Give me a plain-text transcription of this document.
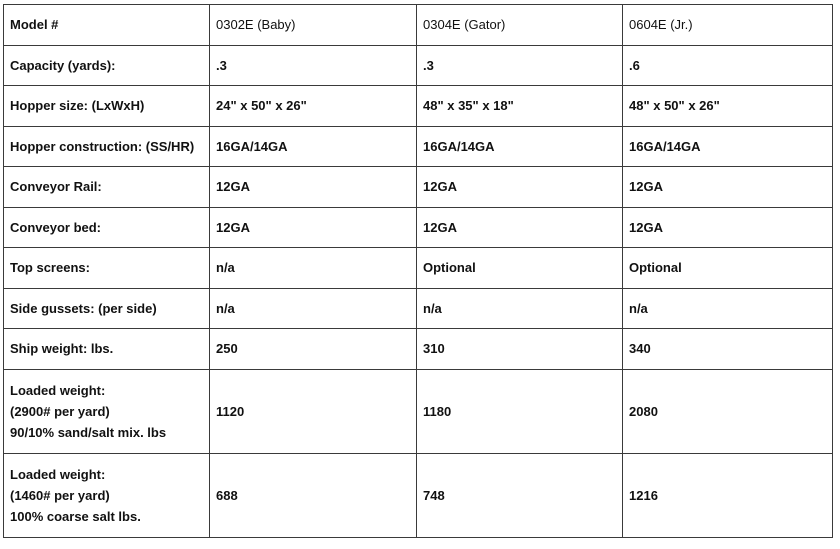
Model #	0302E (Baby)	0304E (Gator)	0604E (Jr.)

Capacity (yards):	.3	.3	.6

Hopper size: (LxWxH)	24" x 50" x 26"	48" x 35" x 18"	48" x 50" x 26"

Hopper construction: (SS/HR)	16GA/14GA	16GA/14GA	16GA/14GA

Conveyor Rail:	12GA	12GA	12GA

Conveyor bed:	12GA	12GA	12GA

Top screens:	n/a	Optional	Optional

Side gussets: (per side)	n/a	n/a	n/a

Ship weight: lbs.	250	310	340

Loaded weight:
(2900# per yard)
90/10% sand/salt mix. lbs	1120	1180	2080

Loaded weight:
(1460# per yard)
100% coarse salt lbs.	688	748	1216
